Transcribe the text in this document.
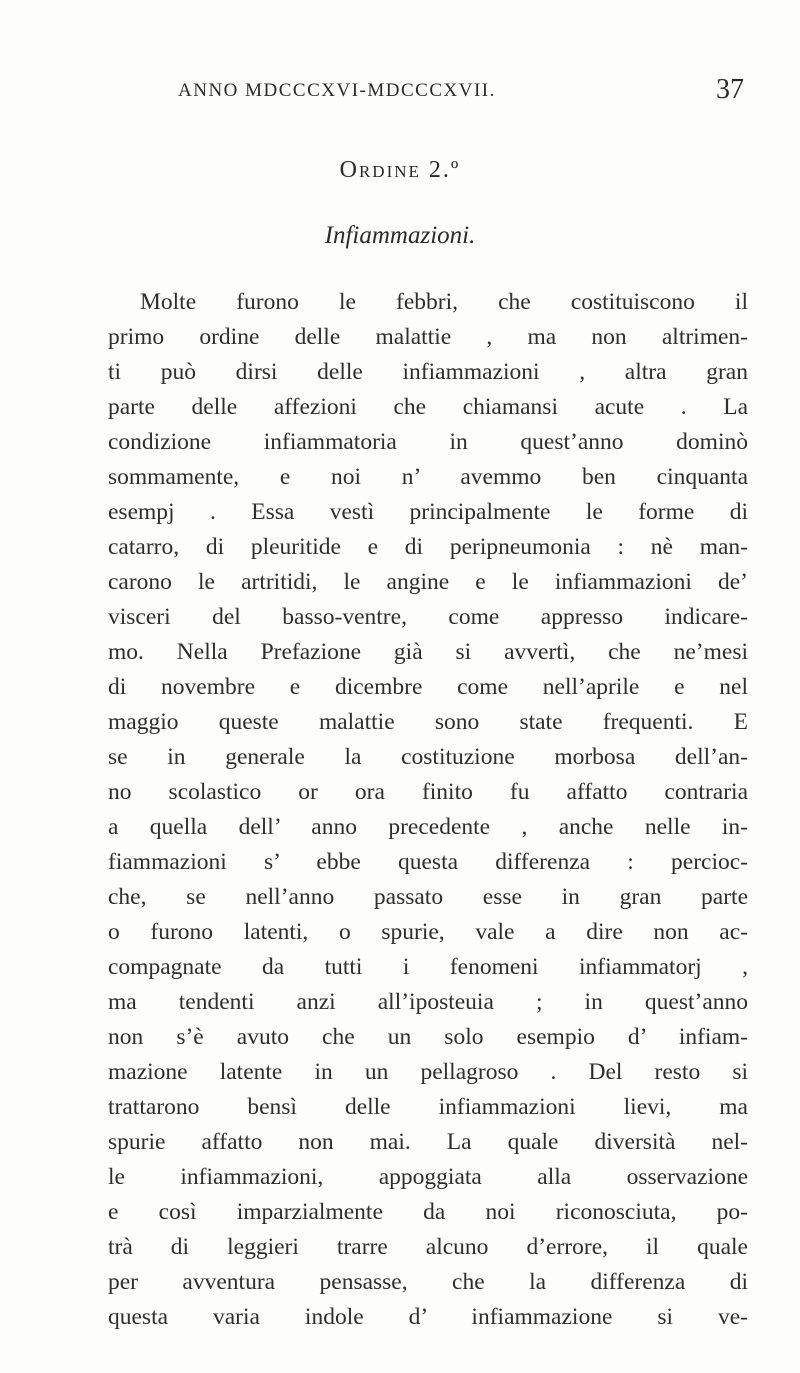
ANNO MDCCCXVI-MDCCCXVII.	37
Ordine 2.º
Infiammazioni.
Molte furono le febbri, che costituiscono il
primo ordine delle malattie , ma non altrimen-
ti può dirsi delle infiammazioni , altra gran
parte delle affezioni che chiamansi acute . La
condizione infiammatoria in quest’anno dominò
sommamente, e noi n’ avemmo ben cinquanta
esempj . Essa vestì principalmente le forme di
catarro, di pleuritide e di peripneumonia : nè man-
carono le artritidi, le angine e le infiammazioni de’
visceri del basso-ventre, come appresso indicare-
mo. Nella Prefazione già si avvertì, che ne’mesi
di novembre e dicembre come nell’aprile e nel
maggio queste malattie sono state frequenti. E
se in generale la costituzione morbosa dell’an-
no scolastico or ora finito fu affatto contraria
a quella dell’ anno precedente , anche nelle in-
fiammazioni s’ ebbe questa differenza : percioc-
che, se nell’anno passato esse in gran parte
o furono latenti, o spurie, vale a dire non ac-
compagnate da tutti i fenomeni infiammatorj ,
ma tendenti anzi all’iposteuia ; in quest’anno
non s’è avuto che un solo esempio d’ infiam-
mazione latente in un pellagroso . Del resto si
trattarono bensì delle infiammazioni lievi, ma
spurie affatto non mai. La quale diversità nel-
le infiammazioni, appoggiata alla osservazione
e così imparzialmente da noi riconosciuta, po-
trà di leggieri trarre alcuno d’errore, il quale
per avventura pensasse, che la differenza di
questa varia indole d’ infiammazione si ve-
